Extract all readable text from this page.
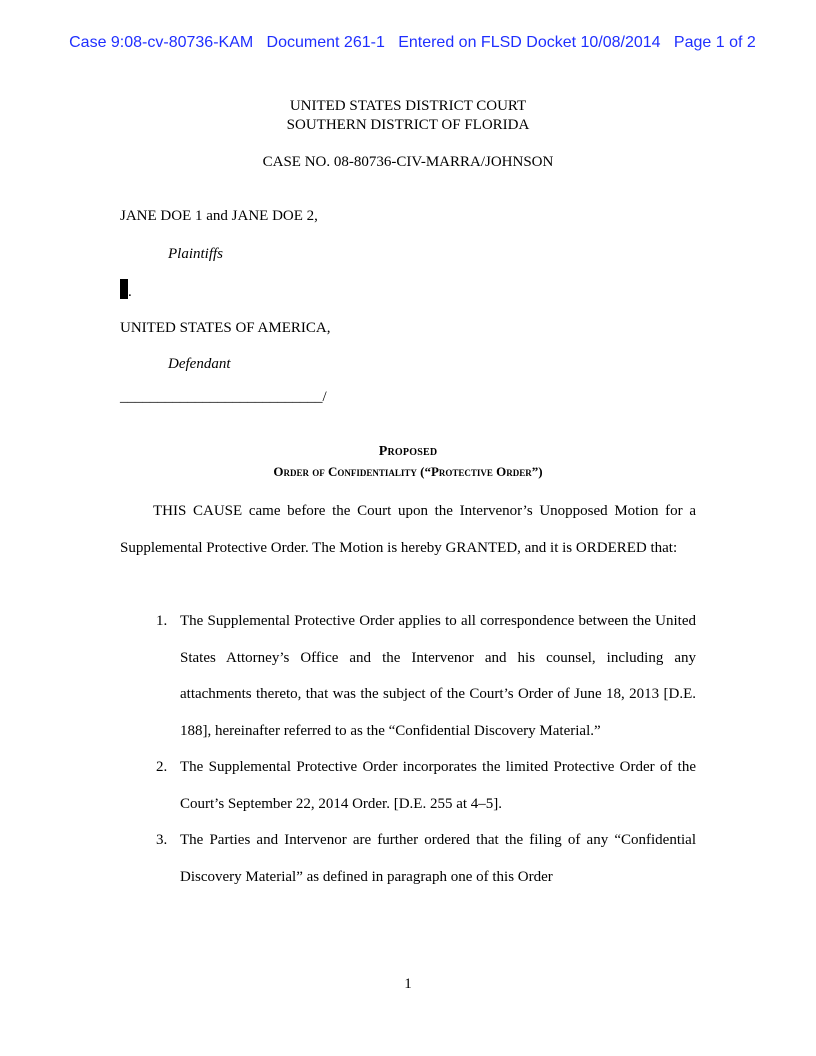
Case 9:08-cv-80736-KAM Document 261-1 Entered on FLSD Docket 10/08/2014 Page 1 of 2

UNITED STATES DISTRICT COURT
SOUTHERN DISTRICT OF FLORIDA
CASE NO. 08-80736-CIV-MARRA/JOHNSON
JANE DOE 1 and JANE DOE 2,
Plaintiffs
.
UNITED STATES OF AMERICA,
Defendant
___________________________/
Proposed
Order of Confidentiality (“Protective Order”)
THIS CAUSE came before the Court upon the Intervenor’s Unopposed Motion for a Supplemental Protective Order. The Motion is hereby GRANTED, and it is ORDERED that:
1. The Supplemental Protective Order applies to all correspondence between the United States Attorney’s Office and the Intervenor and his counsel, including any attachments thereto, that was the subject of the Court’s Order of June 18, 2013 [D.E. 188], hereinafter referred to as the “Confidential Discovery Material.”
2. The Supplemental Protective Order incorporates the limited Protective Order of the Court’s September 22, 2014 Order. [D.E. 255 at 4–5].
3. The Parties and Intervenor are further ordered that the filing of any “Confidential Discovery Material” as defined in paragraph one of this Order
1
